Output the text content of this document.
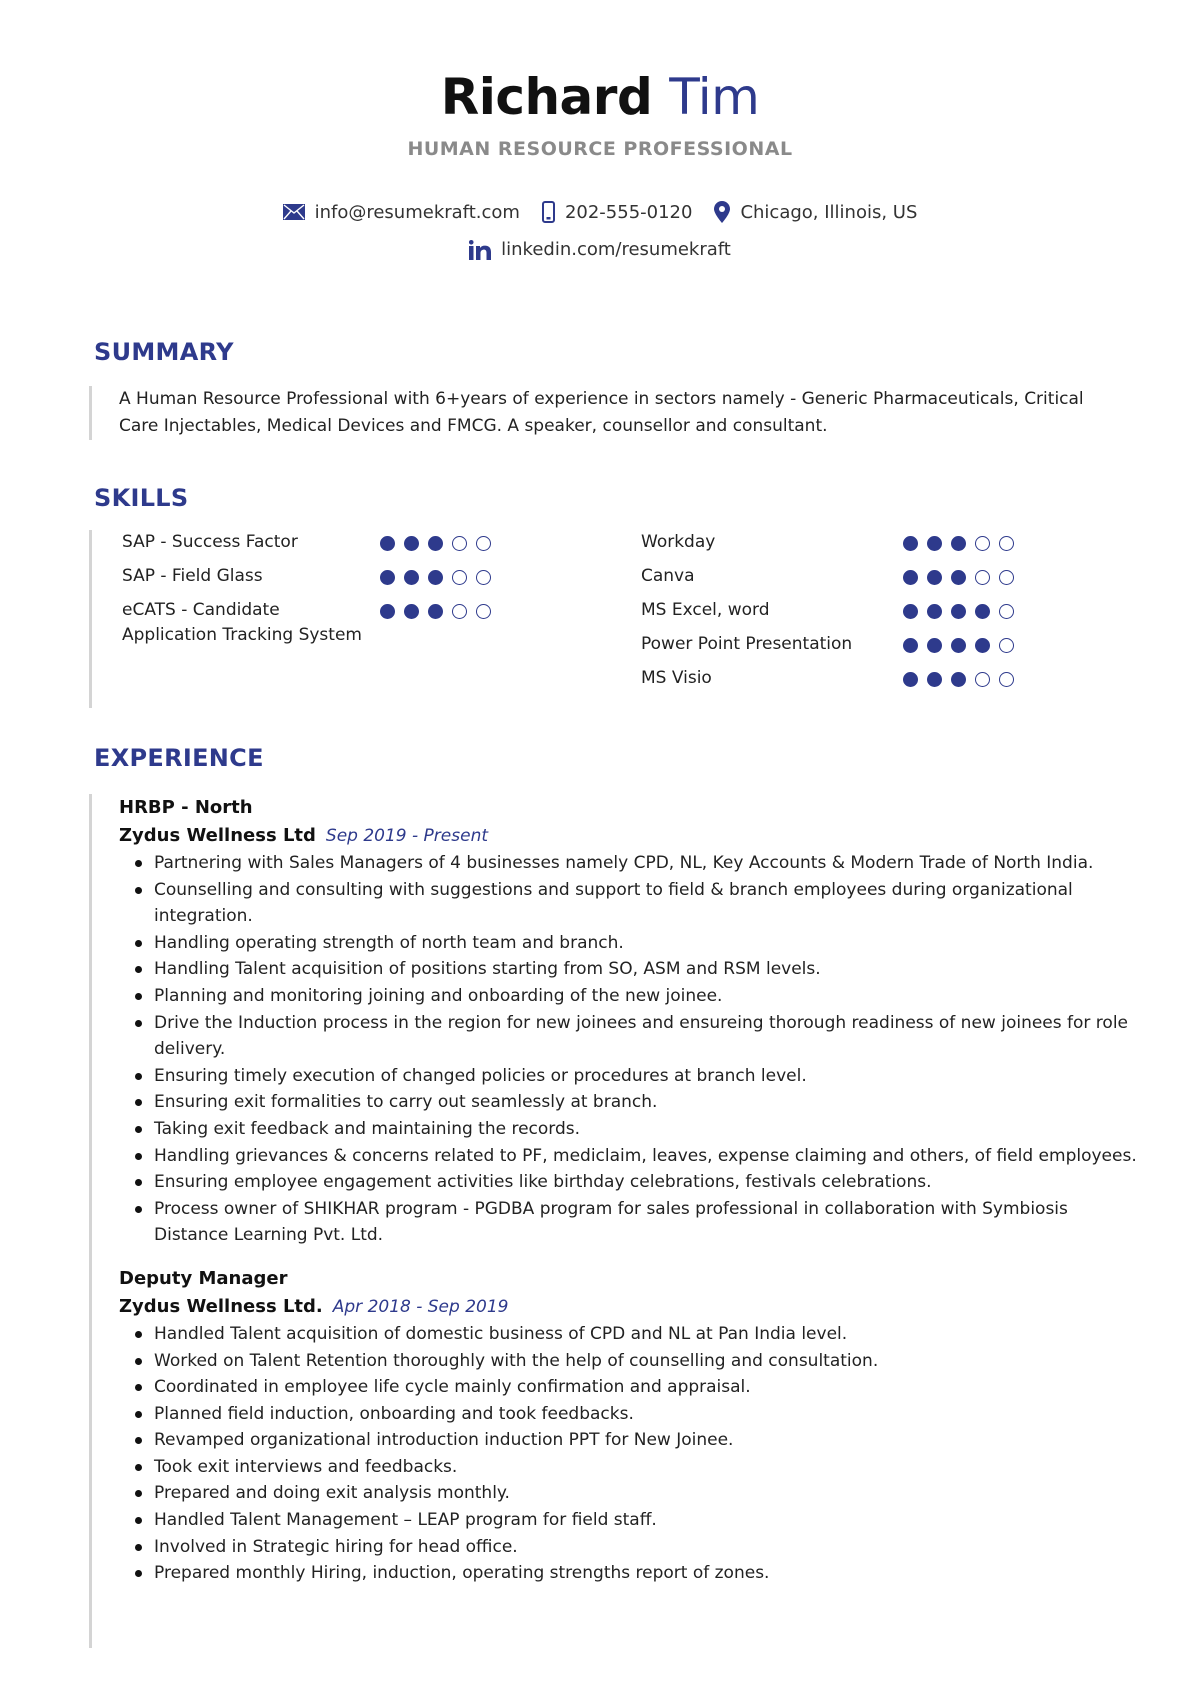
Richard Tim
HUMAN RESOURCE PROFESSIONAL
info@resumekraft.com	202-555-0120	Chicago, Illinois, US
linkedin.com/resumekraft
SUMMARY
A Human Resource Professional with 6+years of experience in sectors namely - Generic Pharmaceuticals, Critical Care Injectables, Medical Devices and FMCG. A speaker, counsellor and consultant.
SKILLS
SAP - Success Factor
SAP - Field Glass
eCATS - Candidate Application Tracking System
Workday
Canva
MS Excel, word
Power Point Presentation
MS Visio
EXPERIENCE
HRBP - North
Zydus Wellness Ltd Sep 2019 - Present
Partnering with Sales Managers of 4 businesses namely CPD, NL, Key Accounts & Modern Trade of North India.
Counselling and consulting with suggestions and support to field & branch employees during organizational integration.
Handling operating strength of north team and branch.
Handling Talent acquisition of positions starting from SO, ASM and RSM levels.
Planning and monitoring joining and onboarding of the new joinee.
Drive the Induction process in the region for new joinees and ensureing thorough readiness of new joinees for role delivery.
Ensuring timely execution of changed policies or procedures at branch level.
Ensuring exit formalities to carry out seamlessly at branch.
Taking exit feedback and maintaining the records.
Handling grievances & concerns related to PF, mediclaim, leaves, expense claiming and others, of field employees.
Ensuring employee engagement activities like birthday celebrations, festivals celebrations.
Process owner of SHIKHAR program - PGDBA program for sales professional in collaboration with Symbiosis Distance Learning Pvt. Ltd.
Deputy Manager
Zydus Wellness Ltd. Apr 2018 - Sep 2019
Handled Talent acquisition of domestic business of CPD and NL at Pan India level.
Worked on Talent Retention thoroughly with the help of counselling and consultation.
Coordinated in employee life cycle mainly confirmation and appraisal.
Planned field induction, onboarding and took feedbacks.
Revamped organizational introduction induction PPT for New Joinee.
Took exit interviews and feedbacks.
Prepared and doing exit analysis monthly.
Handled Talent Management – LEAP program for field staff.
Involved in Strategic hiring for head office.
Prepared monthly Hiring, induction, operating strengths report of zones.
